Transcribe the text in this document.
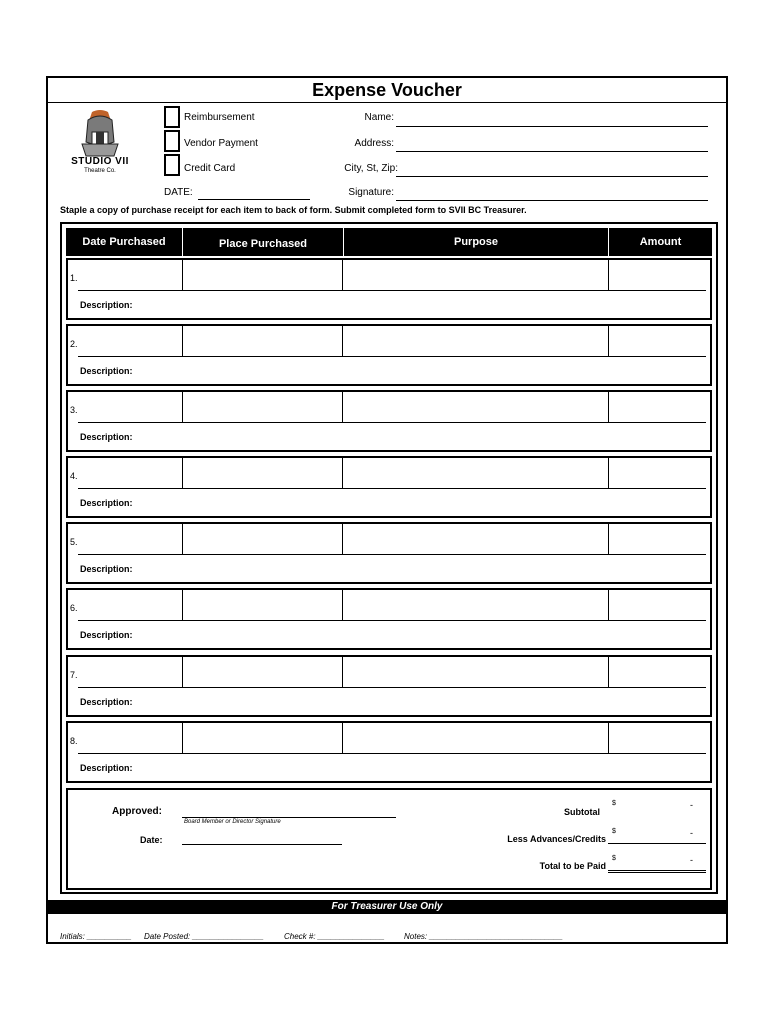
Expense Voucher
STUDIO VII
Theatre Co.
Reimbursement
Vendor Payment
Credit Card
Name:
Address:
City, St, Zip:
Signature:
DATE:
Staple a copy of purchase receipt for each item to back of form. Submit completed form to SVII BC Treasurer.
Date Purchased	Place Purchased	Purpose	Amount
1.
Description:
2.
Description:
3.
Description:
4.
Description:
5.
Description:
6.
Description:
7.
Description:
8.
Description:
Approved:
Board Member or Director Signature
Date:
Subtotal
$	-
Less Advances/Credits
$	-
Total to be Paid
$	-
For Treasurer Use Only
Initials: __________ Date Posted: ________________	Check #: _______________ Notes: ______________________________
